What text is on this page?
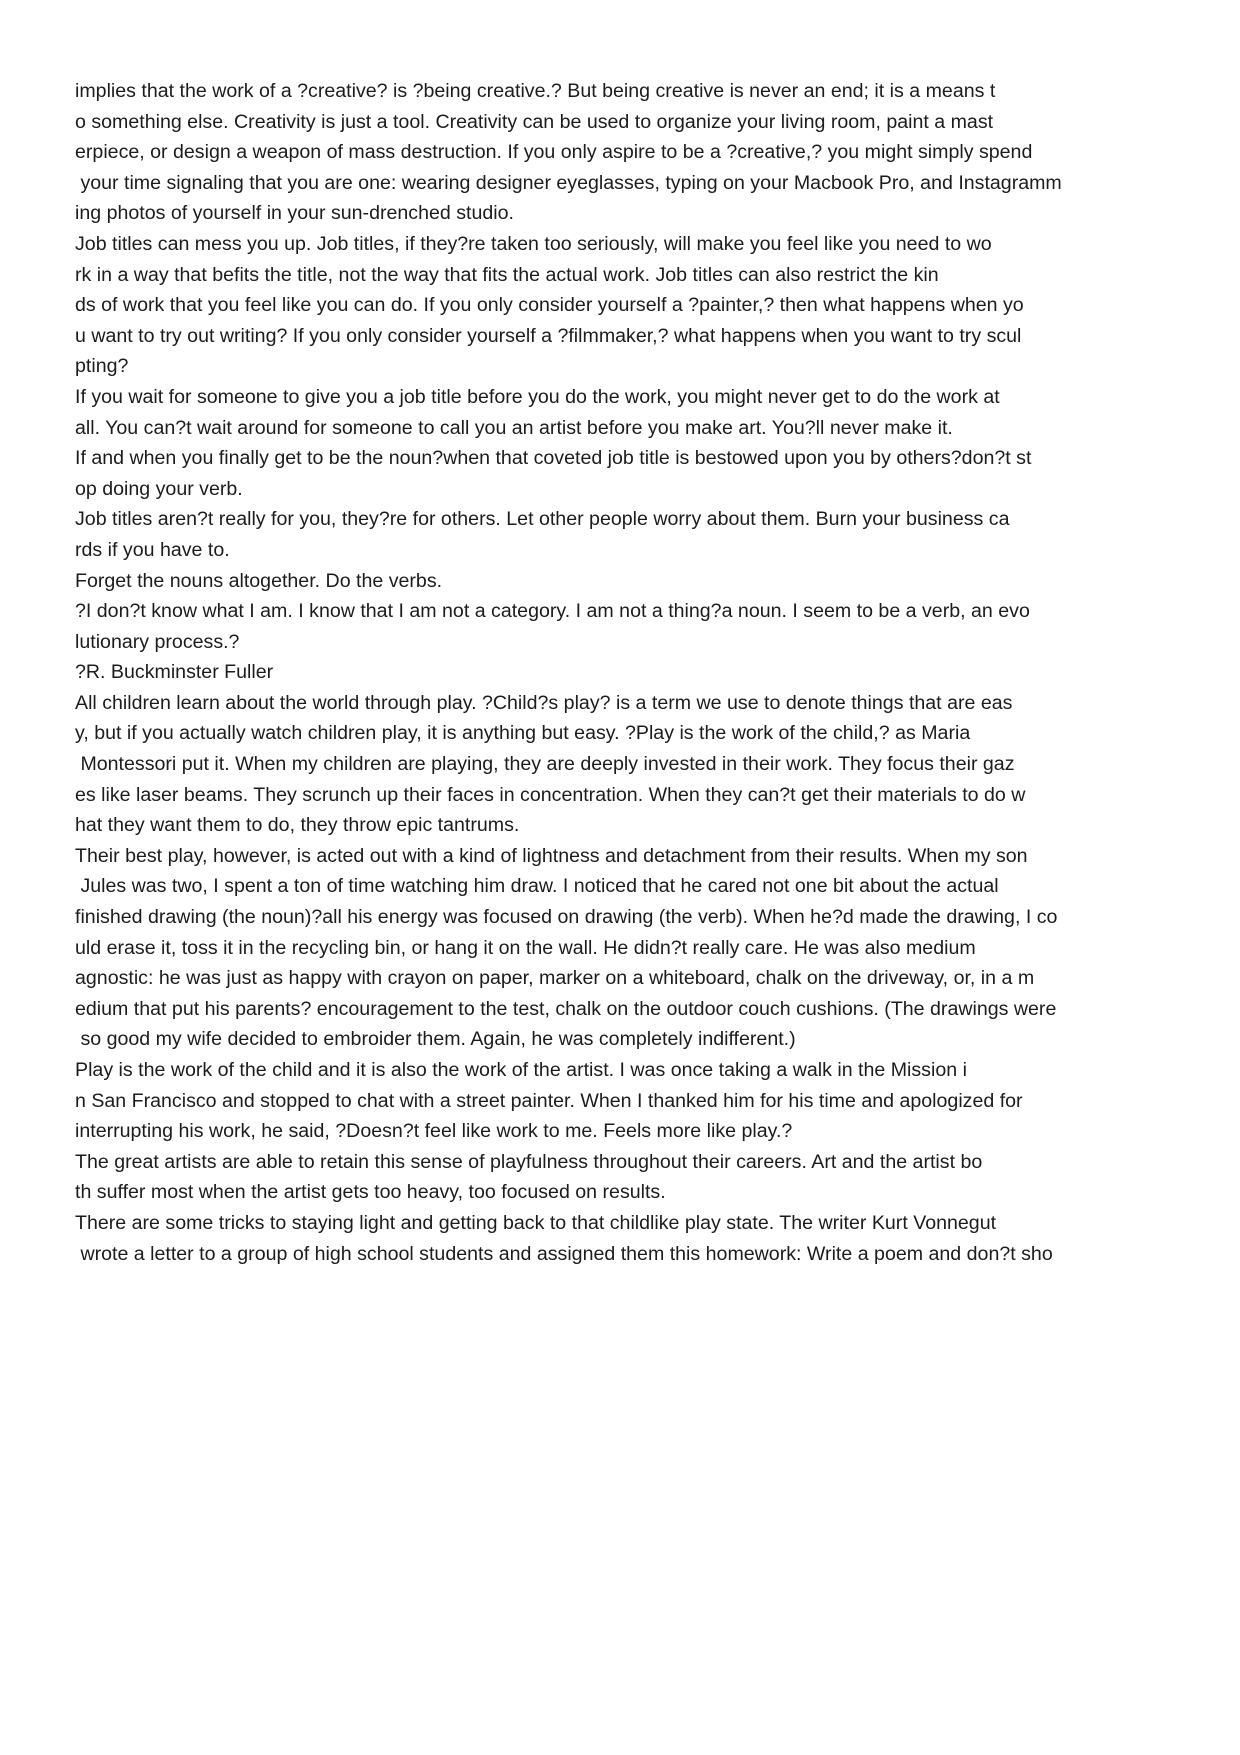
implies that the work of a ?creative? is ?being creative.? But being creative is never an end; it is a means t
o something else. Creativity is just a tool. Creativity can be used to organize your living room, paint a mast
erpiece, or design a weapon of mass destruction. If you only aspire to be a ?creative,? you might simply spend
your time signaling that you are one: wearing designer eyeglasses, typing on your Macbook Pro, and Instagramm
ing photos of yourself in your sun-drenched studio.
Job titles can mess you up. Job titles, if they?re taken too seriously, will make you feel like you need to wo
rk in a way that befits the title, not the way that fits the actual work. Job titles can also restrict the kin
ds of work that you feel like you can do. If you only consider yourself a ?painter,? then what happens when yo
u want to try out writing? If you only consider yourself a ?filmmaker,? what happens when you want to try scul
pting?
If you wait for someone to give you a job title before you do the work, you might never get to do the work at
all. You can?t wait around for someone to call you an artist before you make art. You?ll never make it.
If and when you finally get to be the noun?when that coveted job title is bestowed upon you by others?don?t st
op doing your verb.
Job titles aren?t really for you, they?re for others. Let other people worry about them. Burn your business ca
rds if you have to.
Forget the nouns altogether. Do the verbs.
?I don?t know what I am. I know that I am not a category. I am not a thing?a noun. I seem to be a verb, an evo
lutionary process.?
?R. Buckminster Fuller
All children learn about the world through play. ?Child?s play? is a term we use to denote things that are eas
y, but if you actually watch children play, it is anything but easy. ?Play is the work of the child,? as Maria
Montessori put it. When my children are playing, they are deeply invested in their work. They focus their gaz
es like laser beams. They scrunch up their faces in concentration. When they can?t get their materials to do w
hat they want them to do, they throw epic tantrums.
Their best play, however, is acted out with a kind of lightness and detachment from their results. When my son
Jules was two, I spent a ton of time watching him draw. I noticed that he cared not one bit about the actual
finished drawing (the noun)?all his energy was focused on drawing (the verb). When he?d made the drawing, I co
uld erase it, toss it in the recycling bin, or hang it on the wall. He didn?t really care. He was also medium
agnostic: he was just as happy with crayon on paper, marker on a whiteboard, chalk on the driveway, or, in a m
edium that put his parents? encouragement to the test, chalk on the outdoor couch cushions. (The drawings were
so good my wife decided to embroider them. Again, he was completely indifferent.)
Play is the work of the child and it is also the work of the artist. I was once taking a walk in the Mission i
n San Francisco and stopped to chat with a street painter. When I thanked him for his time and apologized for
interrupting his work, he said, ?Doesn?t feel like work to me. Feels more like play.?
The great artists are able to retain this sense of playfulness throughout their careers. Art and the artist bo
th suffer most when the artist gets too heavy, too focused on results.
There are some tricks to staying light and getting back to that childlike play state. The writer Kurt Vonnegut
wrote a letter to a group of high school students and assigned them this homework: Write a poem and don?t sho
